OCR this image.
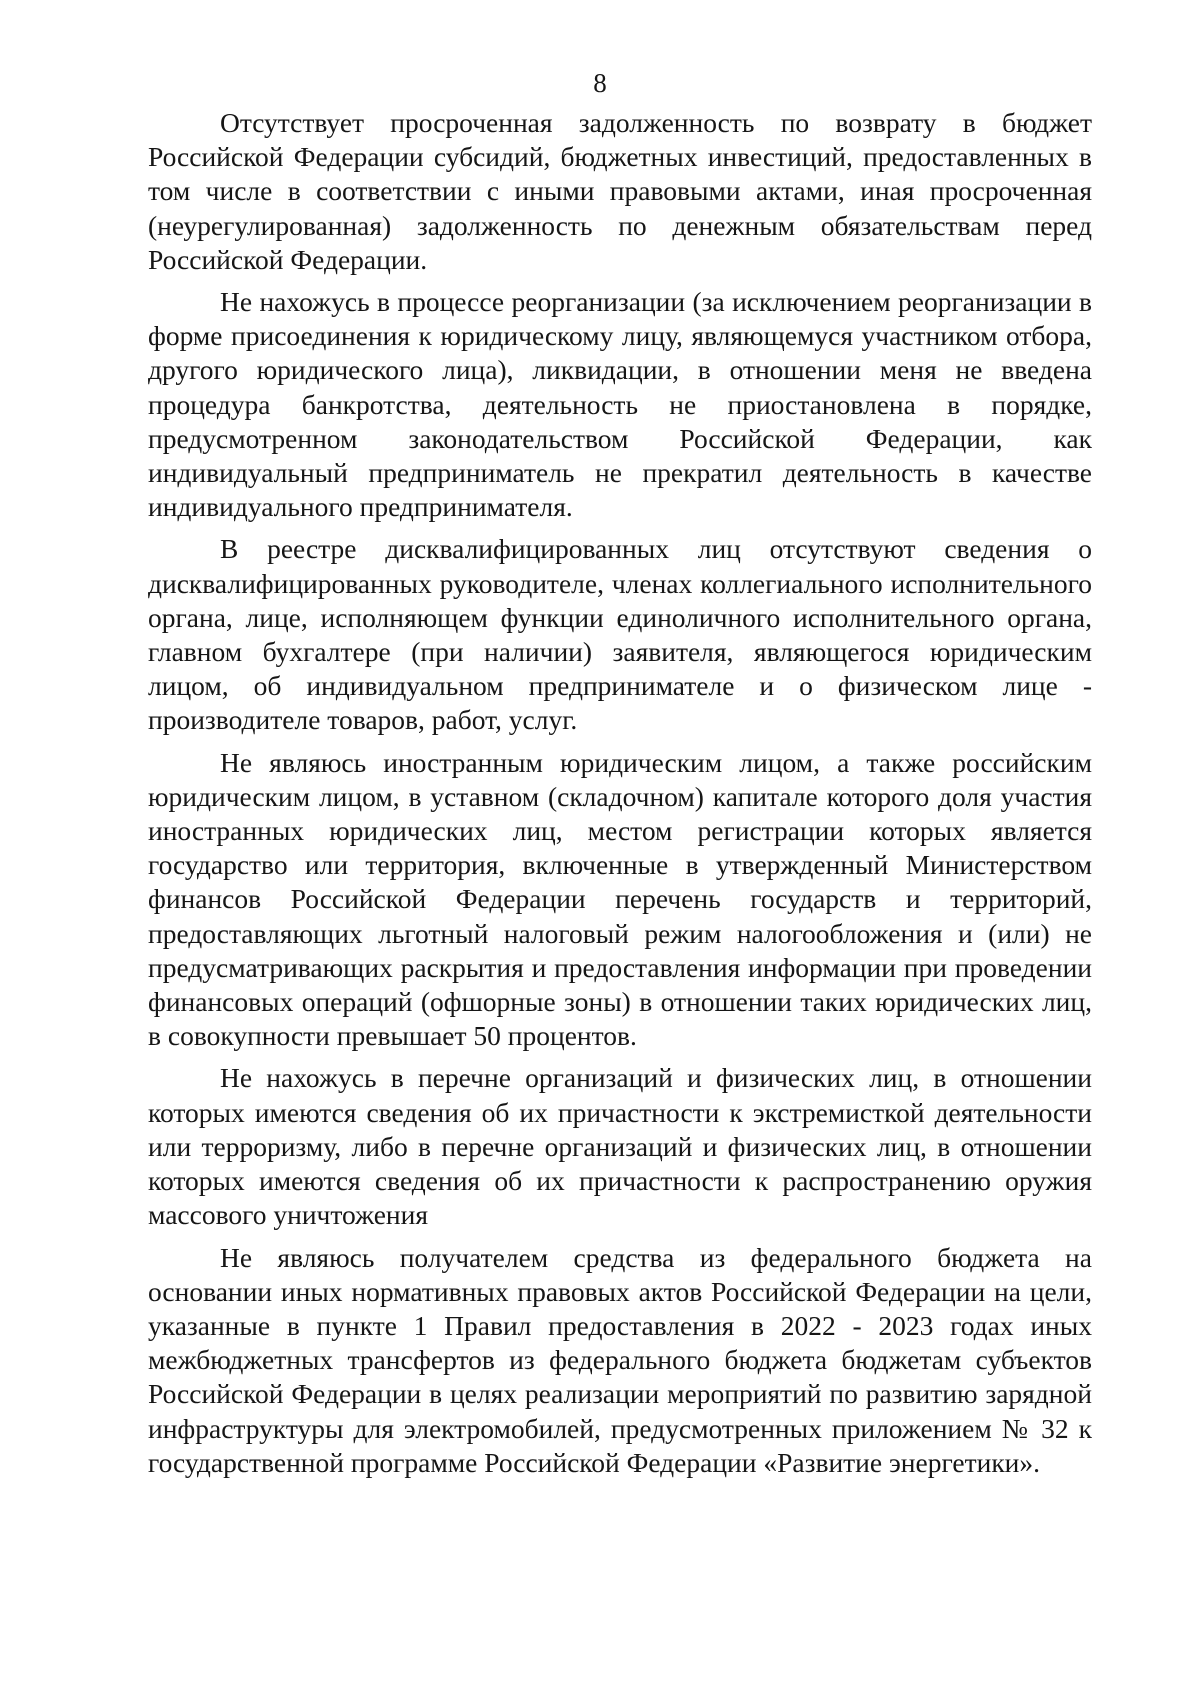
8

Отсутствует просроченная задолженность по возврату в бюджет Российской Федерации субсидий, бюджетных инвестиций, предоставленных в том числе в соответствии с иными правовыми актами, иная просроченная (неурегулированная) задолженность по денежным обязательствам перед Российской Федерации.

Не нахожусь в процессе реорганизации (за исключением реорганизации в форме присоединения к юридическому лицу, являющемуся участником отбора, другого юридического лица), ликвидации, в отношении меня не введена процедура банкротства, деятельность не приостановлена в порядке, предусмотренном законодательством Российской Федерации, как индивидуальный предприниматель не прекратил деятельность в качестве индивидуального предпринимателя.

В реестре дисквалифицированных лиц отсутствуют сведения о дисквалифицированных руководителе, членах коллегиального исполнительного органа, лице, исполняющем функции единоличного исполнительного органа, главном бухгалтере (при наличии) заявителя, являющегося юридическим лицом, об индивидуальном предпринимателе и о физическом лице - производителе товаров, работ, услуг.

Не являюсь иностранным юридическим лицом, а также российским юридическим лицом, в уставном (складочном) капитале которого доля участия иностранных юридических лиц, местом регистрации которых является государство или территория, включенные в утвержденный Министерством финансов Российской Федерации перечень государств и территорий, предоставляющих льготный налоговый режим налогообложения и (или) не предусматривающих раскрытия и предоставления информации при проведении финансовых операций (офшорные зоны) в отношении таких юридических лиц, в совокупности превышает 50 процентов.

Не нахожусь в перечне организаций и физических лиц, в отношении которых имеются сведения об их причастности к экстремисткой деятельности или терроризму, либо в перечне организаций и физических лиц, в отношении которых имеются сведения об их причастности к распространению оружия массового уничтожения

Не являюсь получателем средства из федерального бюджета на основании иных нормативных правовых актов Российской Федерации на цели, указанные в пункте 1 Правил предоставления в 2022 - 2023 годах иных межбюджетных трансфертов из федерального бюджета бюджетам субъектов Российской Федерации в целях реализации мероприятий по развитию зарядной инфраструктуры для электромобилей, предусмотренных приложением № 32 к государственной программе Российской Федерации «Развитие энергетики».
